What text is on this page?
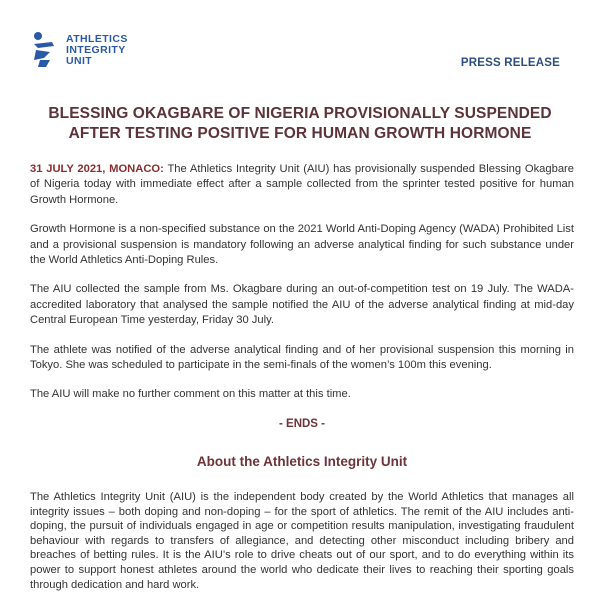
ATHLETICS
INTEGRITY
UNIT	PRESS RELEASE
BLESSING OKAGBARE OF NIGERIA PROVISIONALLY SUSPENDED
AFTER TESTING POSITIVE FOR HUMAN GROWTH HORMONE

31 JULY 2021, MONACO: The Athletics Integrity Unit (AIU) has provisionally suspended Blessing Okagbare of Nigeria today with immediate effect after a sample collected from the sprinter tested positive for human Growth Hormone.

Growth Hormone is a non-specified substance on the 2021 World Anti-Doping Agency (WADA) Prohibited List and a provisional suspension is mandatory following an adverse analytical finding for such substance under the World Athletics Anti-Doping Rules.

The AIU collected the sample from Ms. Okagbare during an out-of-competition test on 19 July. The WADA-accredited laboratory that analysed the sample notified the AIU of the adverse analytical finding at mid-day Central European Time yesterday, Friday 30 July.

The athlete was notified of the adverse analytical finding and of her provisional suspension this morning in Tokyo. She was scheduled to participate in the semi-finals of the women’s 100m this evening.

The AIU will make no further comment on this matter at this time.

- ENDS -
About the Athletics Integrity Unit

The Athletics Integrity Unit (AIU) is the independent body created by the World Athletics that manages all integrity issues – both doping and non-doping – for the sport of athletics. The remit of the AIU includes anti-doping, the pursuit of individuals engaged in age or competition results manipulation, investigating fraudulent behaviour with regards to transfers of allegiance, and detecting other misconduct including bribery and breaches of betting rules. It is the AIU’s role to drive cheats out of our sport, and to do everything within its power to support honest athletes around the world who dedicate their lives to reaching their sporting goals through dedication and hard work.
